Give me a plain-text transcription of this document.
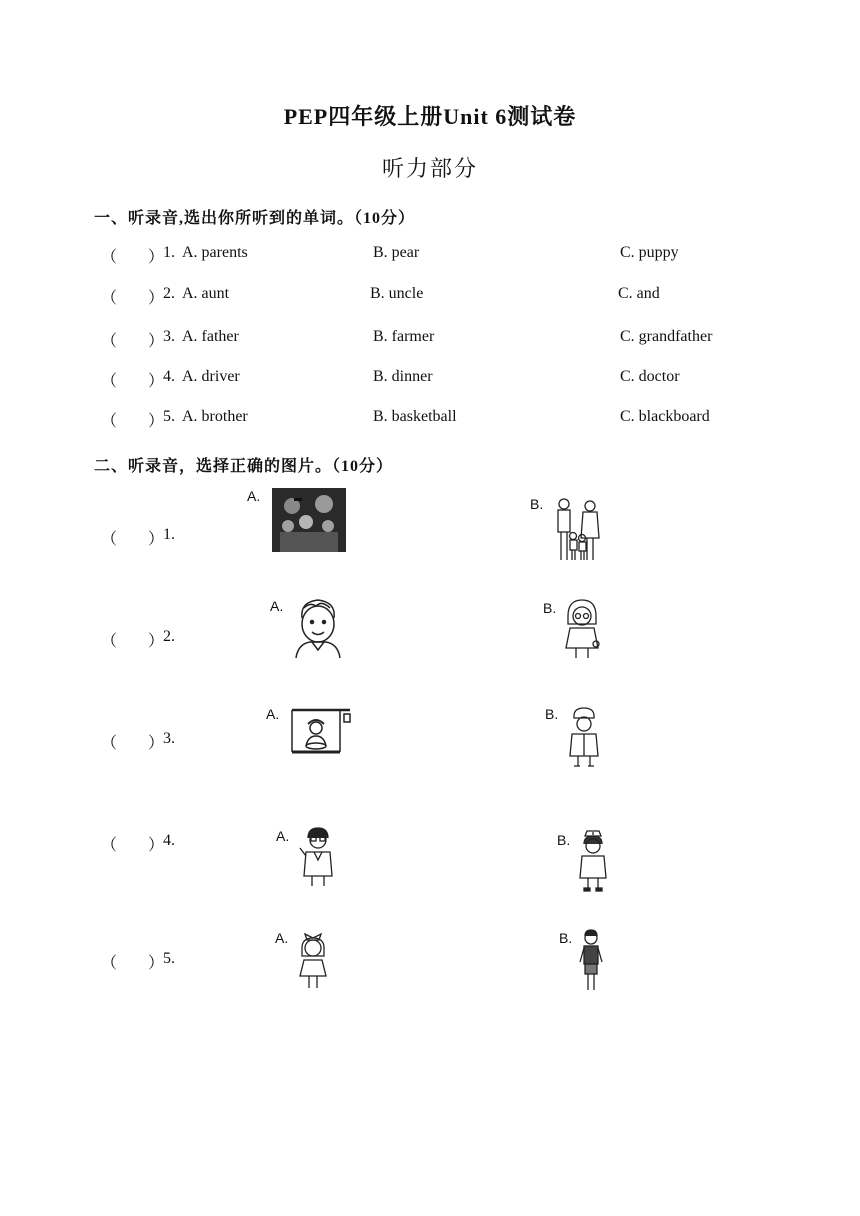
PEP四年级上册Unit 6测试卷
听力部分
一、听录音,选出你所听到的单词。（10分）
（ ）
1. A. parents	B. pear	C. puppy
（ ）
2. A. aunt	B. uncle	C. and
（ ）
3. A. father	B. farmer	C. grandfather
（ ）
4. A. driver	B. dinner	C. doctor
（ ）
5. A. brother	B. basketball	C. blackboard
二、听录音，选择正确的图片。（10分）
（ ）
1.
A.	B.
（ ）
2.
A.	B.
（ ）
3.
A.	B.
（ ）
4.	A.	B.
（ ）
5.
A.	B.
